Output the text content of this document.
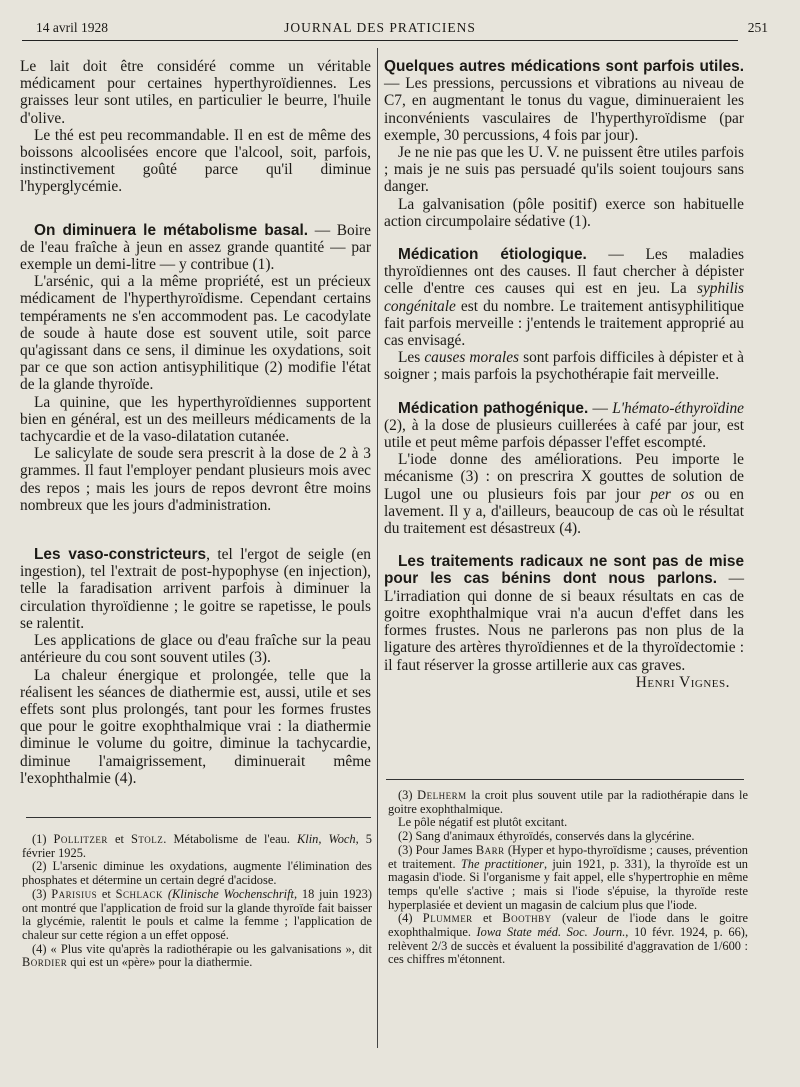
14 avril 1928	JOURNAL DES PRATICIENS	251

Le lait doit être considéré comme un véritable médicament pour certaines hyperthyroïdiennes. Les graisses leur sont utiles, en particulier le beurre, l'huile d'olive.

Le thé est peu recommandable. Il en est de même des boissons alcoolisées encore que l'alcool, soit, parfois, instinctivement goûté parce qu'il diminue l'hyperglycémie.

On diminuera le métabolisme basal. — Boire de l'eau fraîche à jeun en assez grande quantité — par exemple un demi-litre — y contribue (1).

L'arsénic, qui a la même propriété, est un précieux médicament de l'hyperthyroïdisme. Cependant certains tempéraments ne s'en accommodent pas. Le cacodylate de soude à haute dose est souvent utile, soit parce qu'agissant dans ce sens, il diminue les oxydations, soit par ce que son action antisyphilitique (2) modifie l'état de la glande thyroïde.

La quinine, que les hyperthyroïdiennes supportent bien en général, est un des meilleurs médicaments de la tachycardie et de la vaso-dilatation cutanée.

Le salicylate de soude sera prescrit à la dose de 2 à 3 grammes. Il faut l'employer pendant plusieurs mois avec des repos ; mais les jours de repos devront être moins nombreux que les jours d'administration.

Les vaso-constricteurs, tel l'ergot de seigle (en ingestion), tel l'extrait de post-hypophyse (en injection), telle la faradisation arrivent parfois à diminuer la circulation thyroïdienne ; le goitre se rapetisse, le pouls se ralentit.

Les applications de glace ou d'eau fraîche sur la peau antérieure du cou sont souvent utiles (3).

La chaleur énergique et prolongée, telle que la réalisent les séances de diathermie est, aussi, utile et ses effets sont plus prolongés, tant pour les formes frustes que pour le goitre exophthalmique vrai : la diathermie diminue le volume du goitre, diminue la tachycardie, diminue l'amaigrissement, diminuerait même l'exophthalmie (4).

Quelques autres médications sont parfois utiles. — Les pressions, percussions et vibrations au niveau de C7, en augmentant le tonus du vague, diminueraient les inconvénients vasculaires de l'hyperthyroïdisme (par exemple, 30 percussions, 4 fois par jour).

Je ne nie pas que les U. V. ne puissent être utiles parfois ; mais je ne suis pas persuadé qu'ils soient toujours sans danger.

La galvanisation (pôle positif) exerce son habituelle action circumpolaire sédative (1).

Médication étiologique. — Les maladies thyroïdiennes ont des causes. Il faut chercher à dépister celle d'entre ces causes qui est en jeu. La syphilis congénitale est du nombre. Le traitement antisyphilitique fait parfois merveille : j'entends le traitement approprié au cas envisagé.

Les causes morales sont parfois difficiles à dépister et à soigner ; mais parfois la psychothérapie fait merveille.

Médication pathogénique. — L'hémato-éthyroïdine (2), à la dose de plusieurs cuillerées à café par jour, est utile et peut même parfois dépasser l'effet escompté.

L'iode donne des améliorations. Peu importe le mécanisme (3) : on prescrira X gouttes de solution de Lugol une ou plusieurs fois par jour per os ou en lavement. Il y a, d'ailleurs, beaucoup de cas où le résultat du traitement est désastreux (4).

Les traitements radicaux ne sont pas de mise pour les cas bénins dont nous parlons. — L'irradiation qui donne de si beaux résultats en cas de goitre exophthalmique vrai n'a aucun d'effet dans les formes frustes. Nous ne parlerons pas non plus de la ligature des artères thyroïdiennes et de la thyroïdectomie : il faut réserver la grosse artillerie aux cas graves.

Henri Vignes.

(1) Pollitzer et Stolz. Métabolisme de l'eau. Klin, Woch, 5 février 1925.

(2) L'arsenic diminue les oxydations, augmente l'élimination des phosphates et détermine un certain degré d'acidose.

(3) Parisius et Schlack (Klinische Wochenschrift, 18 juin 1923) ont montré que l'application de froid sur la glande thyroïde fait baisser la glycémie, ralentit le pouls et calme la femme ; l'application de chaleur sur cette région a un effet opposé.

(4) « Plus vite qu'après la radiothérapie ou les galvanisations », dit Bordier qui est un «père» pour la diathermie.

(3) Delherm la croit plus souvent utile par la radiothérapie dans le goitre exophthalmique.

Le pôle négatif est plutôt excitant.

(2) Sang d'animaux éthyroïdés, conservés dans la glycérine.

(3) Pour James Barr (Hyper et hypo-thyroïdisme ; causes, prévention et traitement. The practitioner, juin 1921, p. 331), la thyroïde est un magasin d'iode. Si l'organisme y fait appel, elle s'hypertrophie en même temps qu'elle s'active ; mais si l'iode s'épuise, la thyroïde reste hyperplasiée et devient un magasin de calcium plus que l'iode.

(4) Plummer et Boothby (valeur de l'iode dans le goitre exophthalmique. Iowa State méd. Soc. Journ., 10 févr. 1924, p. 66), relèvent 2/3 de succès et évaluent la possibilité d'aggravation de 1/600 : ces chiffres m'étonnent.
